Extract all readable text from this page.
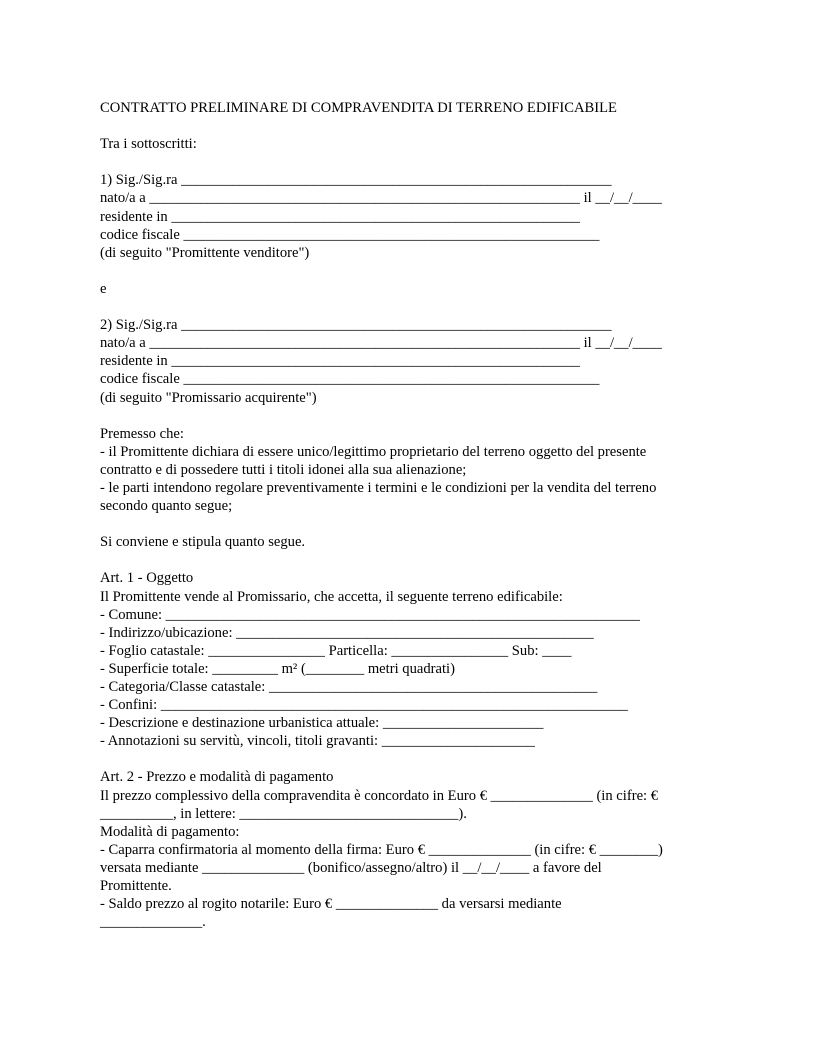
CONTRATTO PRELIMINARE DI COMPRAVENDITA DI TERRENO EDIFICABILE
Tra i sottoscritti:
1) Sig./Sig.ra ___________________________________________________________
nato/a a ___________________________________________________________ il __/__/____
residente in ________________________________________________________
codice fiscale _________________________________________________________
(di seguito "Promittente venditore")
e
2) Sig./Sig.ra ___________________________________________________________
nato/a a ___________________________________________________________ il __/__/____
residente in ________________________________________________________
codice fiscale _________________________________________________________
(di seguito "Promissario acquirente")
Premesso che:
- il Promittente dichiara di essere unico/legittimo proprietario del terreno oggetto del presente
contratto e di possedere tutti i titoli idonei alla sua alienazione;
- le parti intendono regolare preventivamente i termini e le condizioni per la vendita del terreno
secondo quanto segue;
Si conviene e stipula quanto segue.
Art. 1 - Oggetto
Il Promittente vende al Promissario, che accetta, il seguente terreno edificabile:
- Comune: _________________________________________________________________
- Indirizzo/ubicazione: _________________________________________________
- Foglio catastale: ________________ Particella: ________________ Sub: ____
- Superficie totale: _________ m² (________ metri quadrati)
- Categoria/Classe catastale: _____________________________________________
- Confini: ________________________________________________________________
- Descrizione e destinazione urbanistica attuale: ______________________
- Annotazioni su servitù, vincoli, titoli gravanti: _____________________
Art. 2 - Prezzo e modalità di pagamento
Il prezzo complessivo della compravendita è concordato in Euro € ______________ (in cifre: €
__________, in lettere: ______________________________).
Modalità di pagamento:
- Caparra confirmatoria al momento della firma: Euro € ______________ (in cifre: € ________)
versata mediante ______________ (bonifico/assegno/altro) il __/__/____ a favore del
Promittente.
- Saldo prezzo al rogito notarile: Euro € ______________ da versarsi mediante
______________.
